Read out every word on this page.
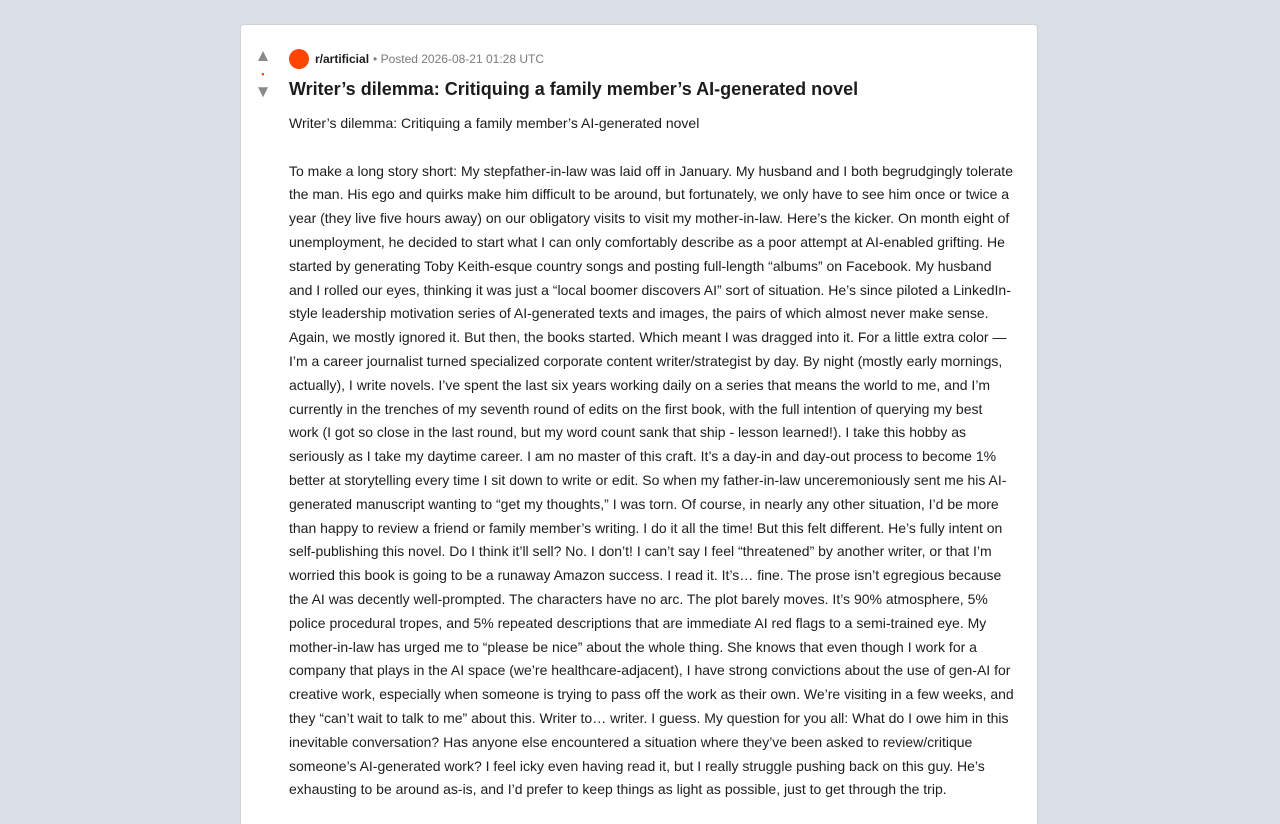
▲
•
▼
r/artificial • Posted 2026-08-21 01:28 UTC
Writer’s dilemma: Critiquing a family member’s AI-generated novel
Writer’s dilemma: Critiquing a family member’s AI-generated novel

To make a long story short: My stepfather-in-law was laid off in January. My husband and I both begrudgingly tolerate the man. His ego and quirks make him difficult to be around, but fortunately, we only have to see him once or twice a year (they live five hours away) on our obligatory visits to visit my mother-in-law. Here’s the kicker. On month eight of unemployment, he decided to start what I can only comfortably describe as a poor attempt at AI-enabled grifting. He started by generating Toby Keith-esque country songs and posting full-length “albums” on Facebook. My husband and I rolled our eyes, thinking it was just a “local boomer discovers AI” sort of situation. He’s since piloted a LinkedIn-style leadership motivation series of AI-generated texts and images, the pairs of which almost never make sense. Again, we mostly ignored it. But then, the books started. Which meant I was dragged into it. For a little extra color — I’m a career journalist turned specialized corporate content writer/strategist by day. By night (mostly early mornings, actually), I write novels. I’ve spent the last six years working daily on a series that means the world to me, and I’m currently in the trenches of my seventh round of edits on the first book, with the full intention of querying my best work (I got so close in the last round, but my word count sank that ship - lesson learned!). I take this hobby as seriously as I take my daytime career. I am no master of this craft. It’s a day-in and day-out process to become 1% better at storytelling every time I sit down to write or edit. So when my father-in-law unceremoniously sent me his AI-generated manuscript wanting to “get my thoughts,” I was torn. Of course, in nearly any other situation, I’d be more than happy to review a friend or family member’s writing. I do it all the time! But this felt different. He’s fully intent on self-publishing this novel. Do I think it’ll sell? No. I don’t! I can’t say I feel “threatened” by another writer, or that I’m worried this book is going to be a runaway Amazon success. I read it. It’s… fine. The prose isn’t egregious because the AI was decently well-prompted. The characters have no arc. The plot barely moves. It’s 90% atmosphere, 5% police procedural tropes, and 5% repeated descriptions that are immediate AI red flags to a semi-trained eye. My mother-in-law has urged me to “please be nice” about the whole thing. She knows that even though I work for a company that plays in the AI space (we’re healthcare-adjacent), I have strong convictions about the use of gen-AI for creative work, especially when someone is trying to pass off the work as their own. We’re visiting in a few weeks, and they “can’t wait to talk to me” about this. Writer to… writer. I guess. My question for you all: What do I owe him in this inevitable conversation? Has anyone else encountered a situation where they’ve been asked to review/critique someone’s AI-generated work? I feel icky even having read it, but I really struggle pushing back on this guy. He’s exhausting to be around as-is, and I’d prefer to keep things as light as possible, just to get through the trip.
